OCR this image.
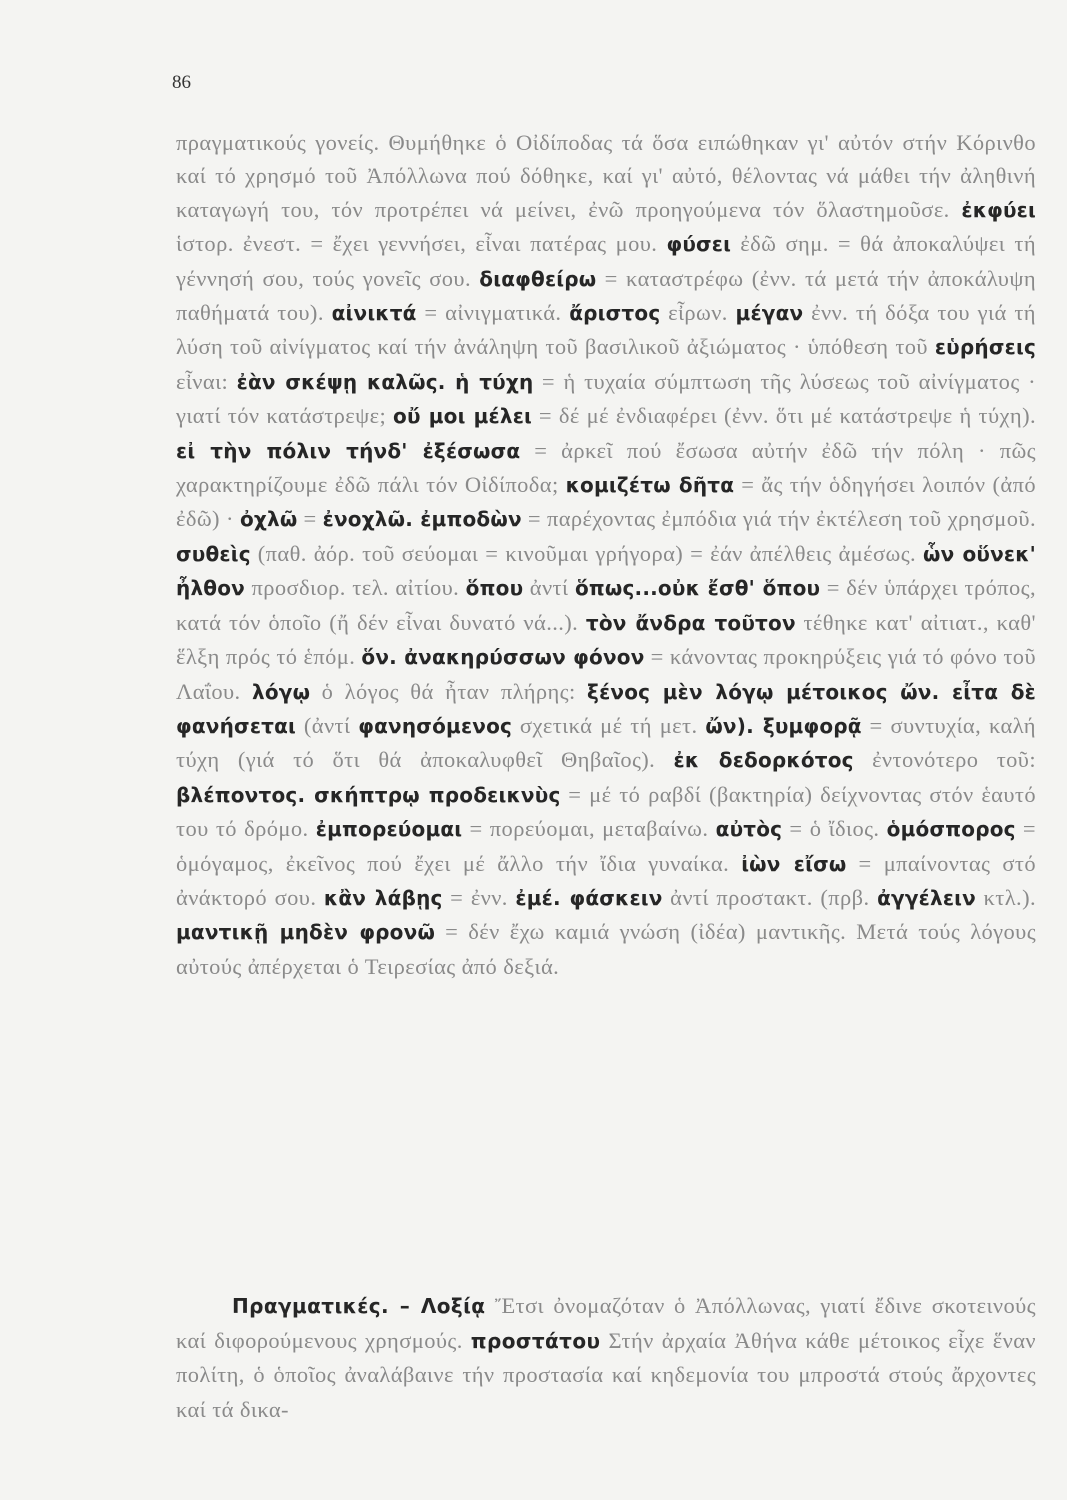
86
πραγματικούς γονείς. Θυμήθηκε ὁ Οἰδίποδας τά ὅσα ειπώθηκαν γι' αὐτόν στήν Κόρινθο καί τό χρησμό τοῦ Ἀπόλλωνα πού δόθηκε, καί γι' αὐτό, θέλοντας νά μάθει τήν ἀληθινή καταγωγή του, τόν προτρέπει νά μείνει, ἐνῶ προηγούμενα τόν ὅλαστημοῦσε. ἐκφύει ἱστορ. ἐνεστ. = ἔχει γεννήσει, εἶναι πατέρας μου. φύσει ἐδῶ σημ. = θά ἀποκαλύψει τή γέννησή σου, τούς γονεῖς σου. διαφθείρω = καταστρέφω (ἐνν. τά μετά τήν ἀποκάλυψη παθήματά του). αἰνικτά = αἰνιγματικά. ἄριστος εἶρων. μέγαν ἐνν. τή δόξα του γιά τή λύση τοῦ αἰνίγματος καί τήν ἀνάληψη τοῦ βασιλικοῦ ἀξιώματος · ὑπόθεση τοῦ εὑρήσεις εἶναι: ἐὰν σκέψῃ καλῶς. ἡ τύχη = ἡ τυχαία σύμπτωση τῆς λύσεως τοῦ αἰνίγματος · γιατί τόν κατάστρεψε; οὔ μοι μέλει = δέ μέ ἐνδιαφέρει (ἐνν. ὅτι μέ κατάστρεψε ἡ τύχη). εἰ τὴν πόλιν τήνδ' ἐξέσωσα = ἀρκεῖ πού ἔσωσα αὐτήν ἐδῶ τήν πόλη · πῶς χαρακτηρίζουμε ἐδῶ πάλι τόν Οἰδίποδα; κομιζέτω δῆτα = ἄς τήν ὁδηγήσει λοιπόν (ἀπό ἐδῶ) · ὀχλῶ = ἐνοχλῶ. ἐμποδὼν = παρέχοντας ἐμπόδια γιά τήν ἐκτέλεση τοῦ χρησμοῦ. συθεὶς (παθ. ἀόρ. τοῦ σεύομαι = κινοῦμαι γρήγορα) = ἐάν ἀπέλθεις ἀμέσως. ὧν οὕνεκ' ἦλθον προσδιορ. τελ. αἰτίου. ὅπου ἀντί ὅπως...οὐκ ἔσθ' ὅπου = δέν ὑπάρχει τρόπος, κατά τόν ὁποῖο (ἤ δέν εἶναι δυνατό νά...). τὸν ἄνδρα τοῦτον τέθηκε κατ' αἰτιατ., καθ' ἕλξη πρός τό ἑπόμ. ὅν. ἀνακηρύσσων φόνον = κάνοντας προκηρύξεις γιά τό φόνο τοῦ Λαΐου. λόγῳ ὁ λόγος θά ἦταν πλήρης: ξένος μὲν λόγῳ μέτοικος ὤν. εἶτα δὲ φανήσεται (ἀντί φανησόμενος σχετικά μέ τή μετ. ὤν). ξυμφορᾷ = συντυχία, καλή τύχη (γιά τό ὅτι θά ἀποκαλυφθεῖ Θηβαῖος). ἐκ δεδορκότος ἐντονότερο τοῦ: βλέποντος. σκήπτρῳ προδεικνὺς = μέ τό ραβδί (βακτηρία) δείχνοντας στόν ἑαυτό του τό δρόμο. ἐμπορεύομαι = πορεύομαι, μεταβαίνω. αὐτὸς = ὁ ἴδιος. ὁμόσπορος = ὁμόγαμος, ἐκεῖνος πού ἔχει μέ ἄλλο τήν ἴδια γυναίκα. ἰὼν εἴσω = μπαίνοντας στό ἀνάκτορό σου. κἂν λάβῃς = ἐνν. ἐμέ. φάσκειν ἀντί προστακτ. (πρβ. ἀγγέλειν κτλ.). μαντικῇ μηδὲν φρονῶ = δέν ἔχω καμιά γνώση (ἰδέα) μαντικῆς. Μετά τούς λόγους αὐτούς ἀπέρχεται ὁ Τειρεσίας ἀπό δεξιά.
Πραγματικές. – Λοξίᾳ Ἔτσι ὀνομαζόταν ὁ Ἀπόλλωνας, γιατί ἔδινε σκοτεινούς καί διφορούμενους χρησμούς. προστάτου Στήν ἀρχαία Ἀθήνα κάθε μέτοικος εἶχε ἕναν πολίτη, ὁ ὁποῖος ἀναλάβαινε τήν προστασία καί κηδεμονία του μπροστά στούς ἄρχοντες καί τά δικα-
